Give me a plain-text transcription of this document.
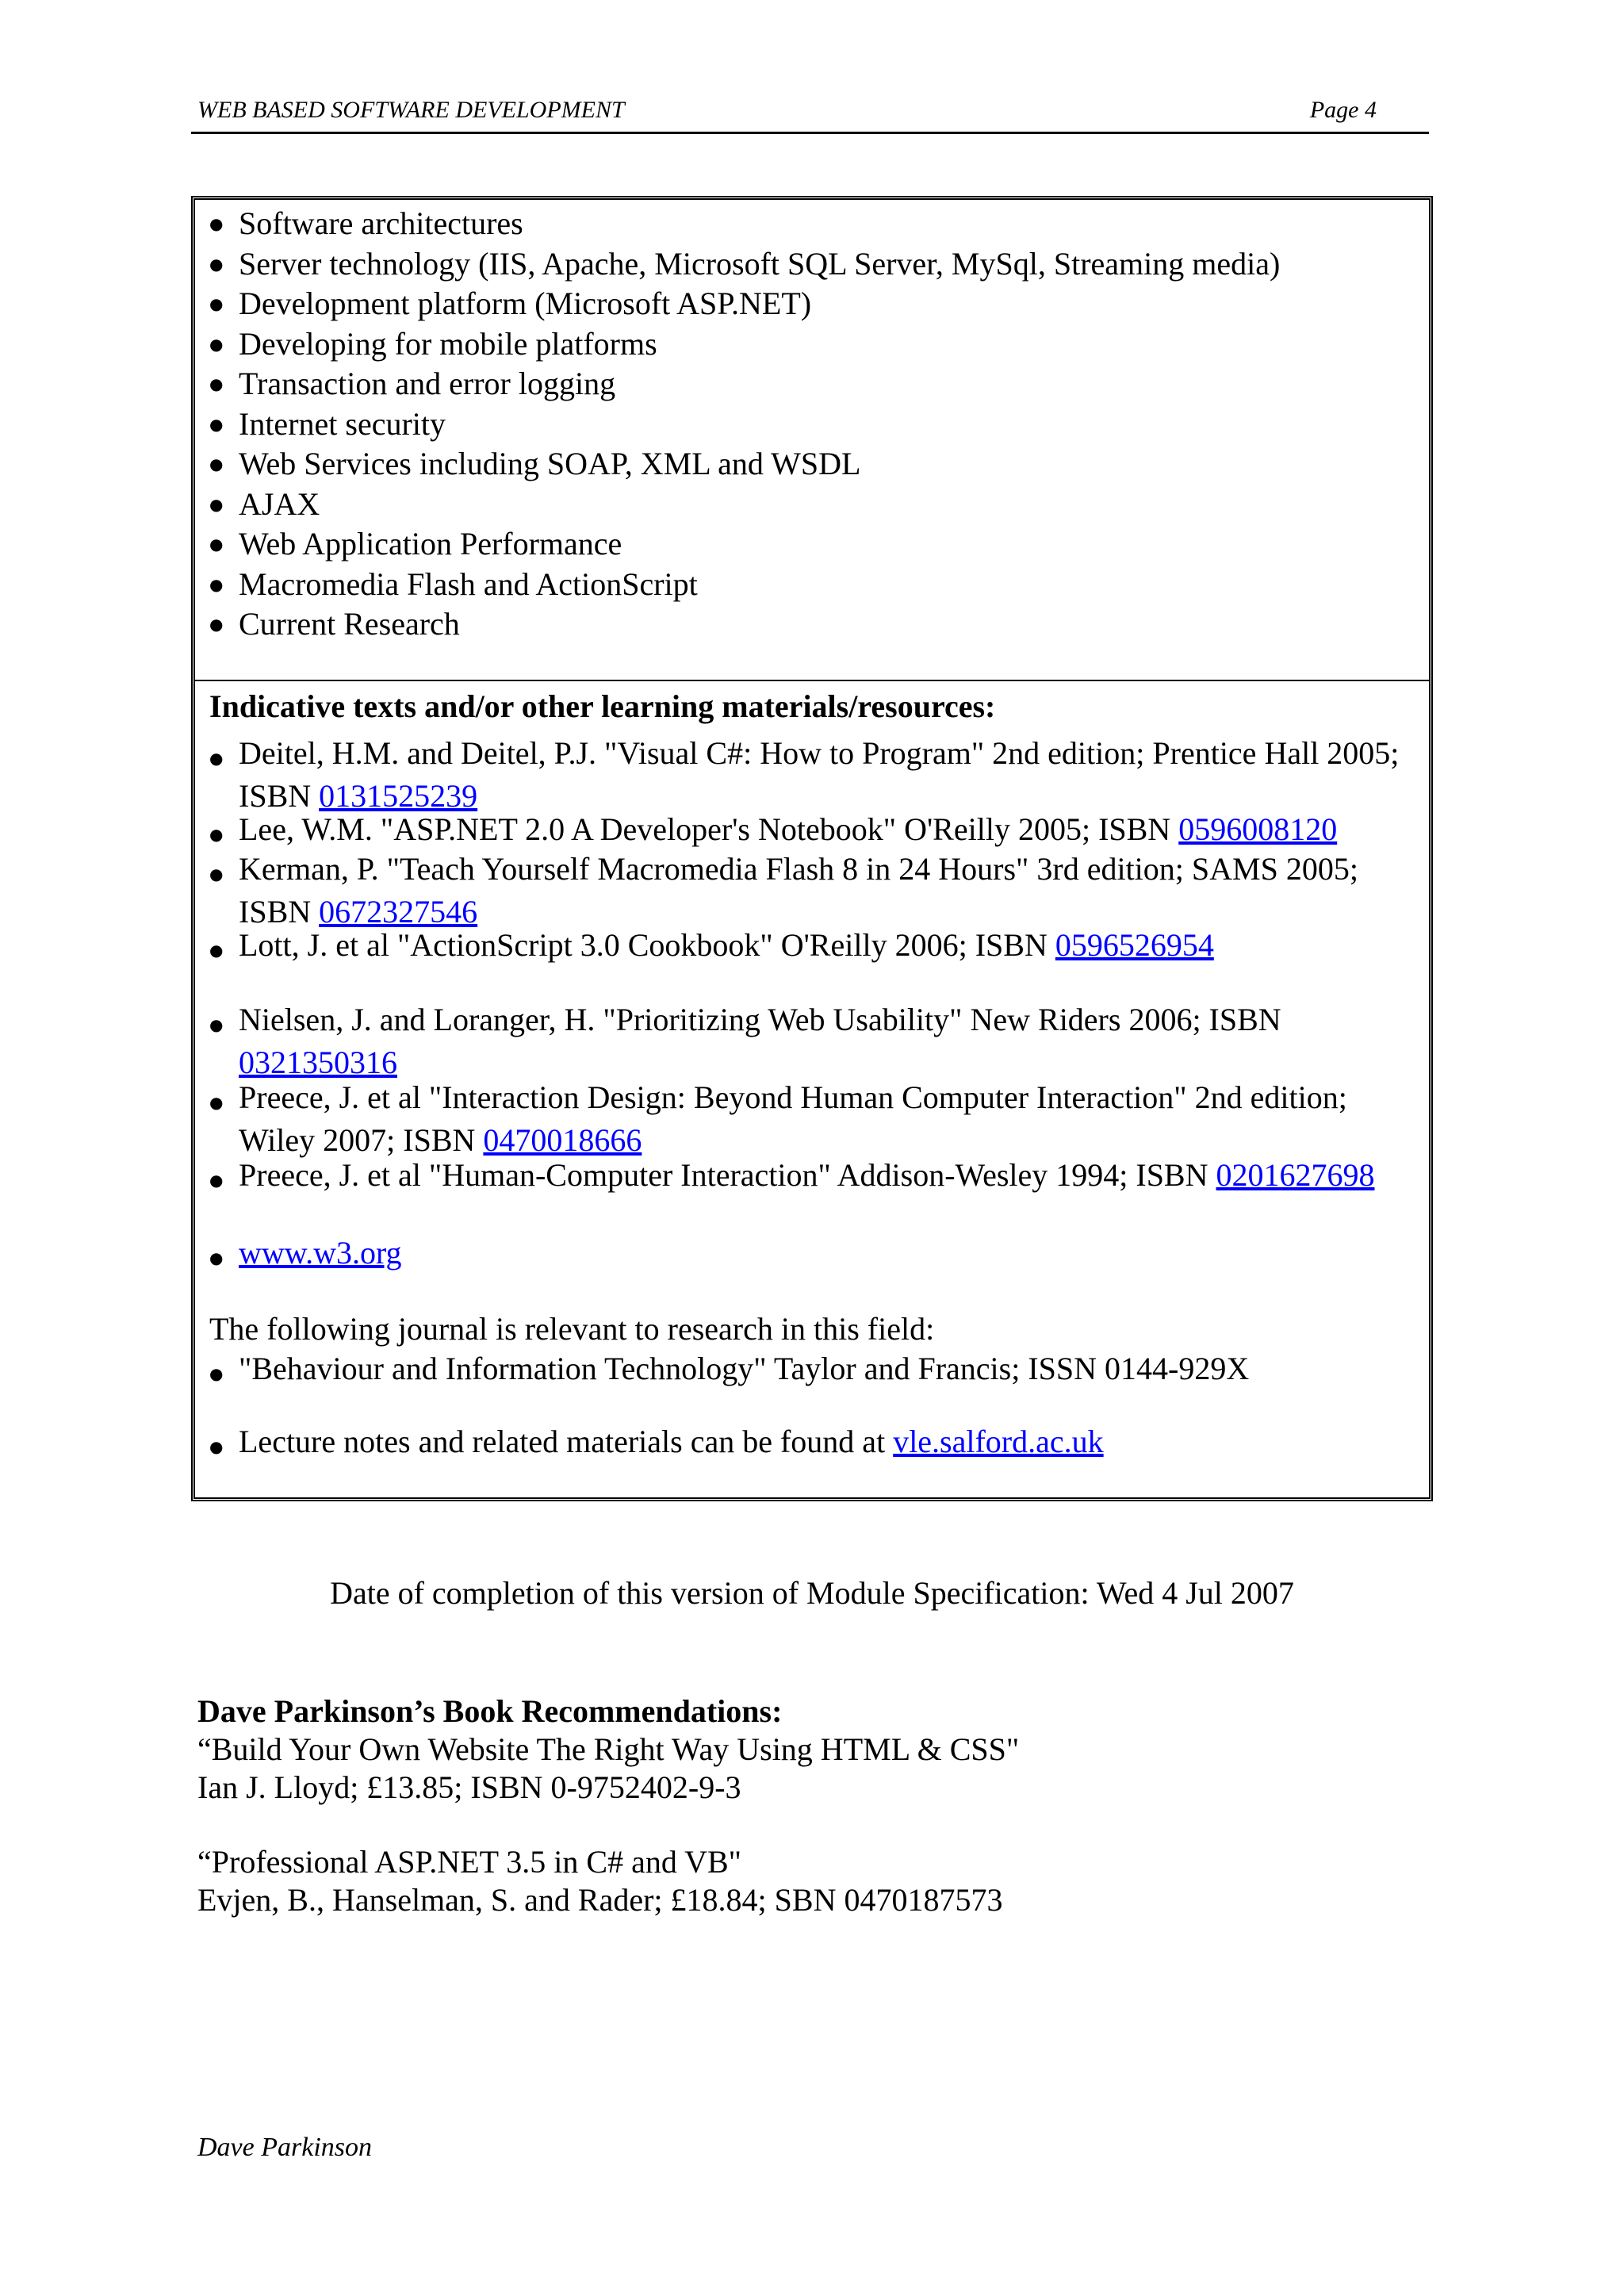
WEB BASED SOFTWARE DEVELOPMENT	Page 4
● Software architectures
● Server technology (IIS, Apache, Microsoft SQL Server, MySql, Streaming media)
● Development platform (Microsoft ASP.NET)
● Developing for mobile platforms
● Transaction and error logging
● Internet security
● Web Services including SOAP, XML and WSDL
● AJAX
● Web Application Performance
● Macromedia Flash and ActionScript
● Current Research
Indicative texts and/or other learning materials/resources:
● Deitel, H.M. and Deitel, P.J. "Visual C#: How to Program" 2nd edition; Prentice Hall 2005; ISBN 0131525239
● Lee, W.M. "ASP.NET 2.0 A Developer's Notebook" O'Reilly 2005; ISBN 0596008120
● Kerman, P. "Teach Yourself Macromedia Flash 8 in 24 Hours" 3rd edition; SAMS 2005; ISBN 0672327546
● Lott, J. et al "ActionScript 3.0 Cookbook" O'Reilly 2006; ISBN 0596526954
● Nielsen, J. and Loranger, H. "Prioritizing Web Usability" New Riders 2006; ISBN 0321350316
● Preece, J. et al "Interaction Design: Beyond Human Computer Interaction" 2nd edition; Wiley 2007; ISBN 0470018666
● Preece, J. et al "Human-Computer Interaction" Addison-Wesley 1994; ISBN 0201627698
● www.w3.org
The following journal is relevant to research in this field:
● "Behaviour and Information Technology" Taylor and Francis; ISSN 0144-929X
● Lecture notes and related materials can be found at vle.salford.ac.uk
Date of completion of this version of Module Specification: Wed 4 Jul 2007
Dave Parkinson’s Book Recommendations:
“Build Your Own Website The Right Way Using HTML & CSS"
Ian J. Lloyd; £13.85; ISBN 0-9752402-9-3
“Professional ASP.NET 3.5 in C# and VB"
Evjen, B., Hanselman, S. and Rader; £18.84; SBN 0470187573
Dave Parkinson
